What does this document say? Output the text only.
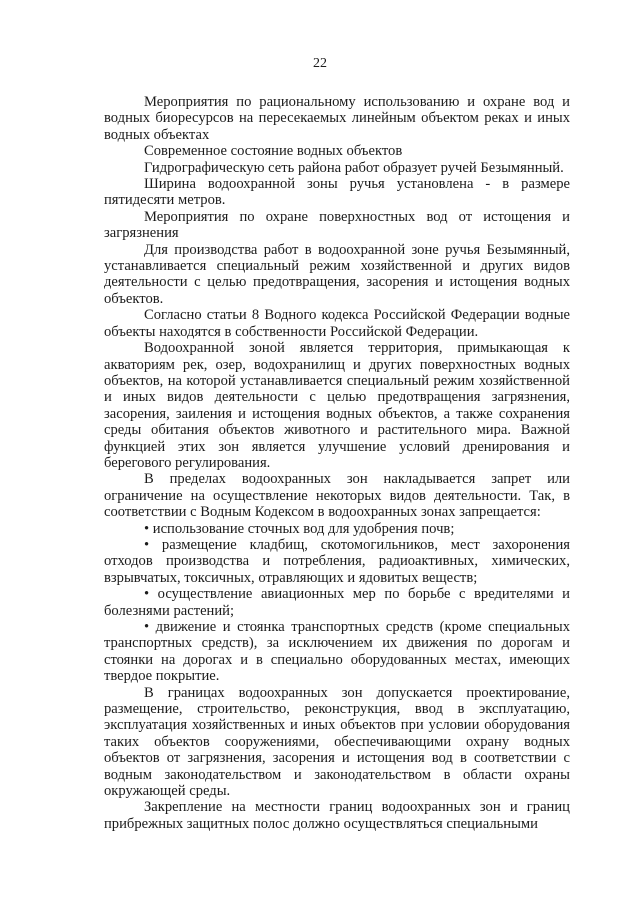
22

Мероприятия по рациональному использованию и охране вод и водных биоресурсов на пересекаемых линейным объектом реках и иных водных объектах

Современное состояние водных объектов

Гидрографическую сеть района работ образует ручей Безымянный.

Ширина водоохранной зоны ручья установлена - в размере пятидесяти метров.

Мероприятия по охране поверхностных вод от истощения и загрязнения

Для производства работ в водоохранной зоне ручья Безымянный, устанавливается специальный режим хозяйственной и других видов деятельности с целью предотвращения, засорения и истощения водных объектов.

Согласно статьи 8 Водного кодекса Российской Федерации водные объекты находятся в собственности Российской Федерации.

Водоохранной зоной является территория, примыкающая к акваториям рек, озер, водохранилищ и других поверхностных водных объектов, на которой устанавливается специальный режим хозяйственной и иных видов деятельности с целью предотвращения загрязнения, засорения, заиления и истощения водных объектов, а также сохранения среды обитания объектов животного и растительного мира. Важной функцией этих зон является улучшение условий дренирования и берегового регулирования.

В пределах водоохранных зон накладывается запрет или ограничение на осуществление некоторых видов деятельности. Так, в соответствии с Водным Кодексом в водоохранных зонах запрещается:

• использование сточных вод для удобрения почв;

• размещение кладбищ, скотомогильников, мест захоронения отходов производства и потребления, радиоактивных, химических, взрывчатых, токсичных, отравляющих и ядовитых веществ;

• осуществление авиационных мер по борьбе с вредителями и болезнями растений;

• движение и стоянка транспортных средств (кроме специальных транспортных средств), за исключением их движения по дорогам и стоянки на дорогах и в специально оборудованных местах, имеющих твердое покрытие.

В границах водоохранных зон допускается проектирование, размещение, строительство, реконструкция, ввод в эксплуатацию, эксплуатация хозяйственных и иных объектов при условии оборудования таких объектов сооружениями, обеспечивающими охрану водных объектов от загрязнения, засорения и истощения вод в соответствии с водным законодательством и законодательством в области охраны окружающей среды.

Закрепление на местности границ водоохранных зон и границ прибрежных защитных полос должно осуществляться специальными
